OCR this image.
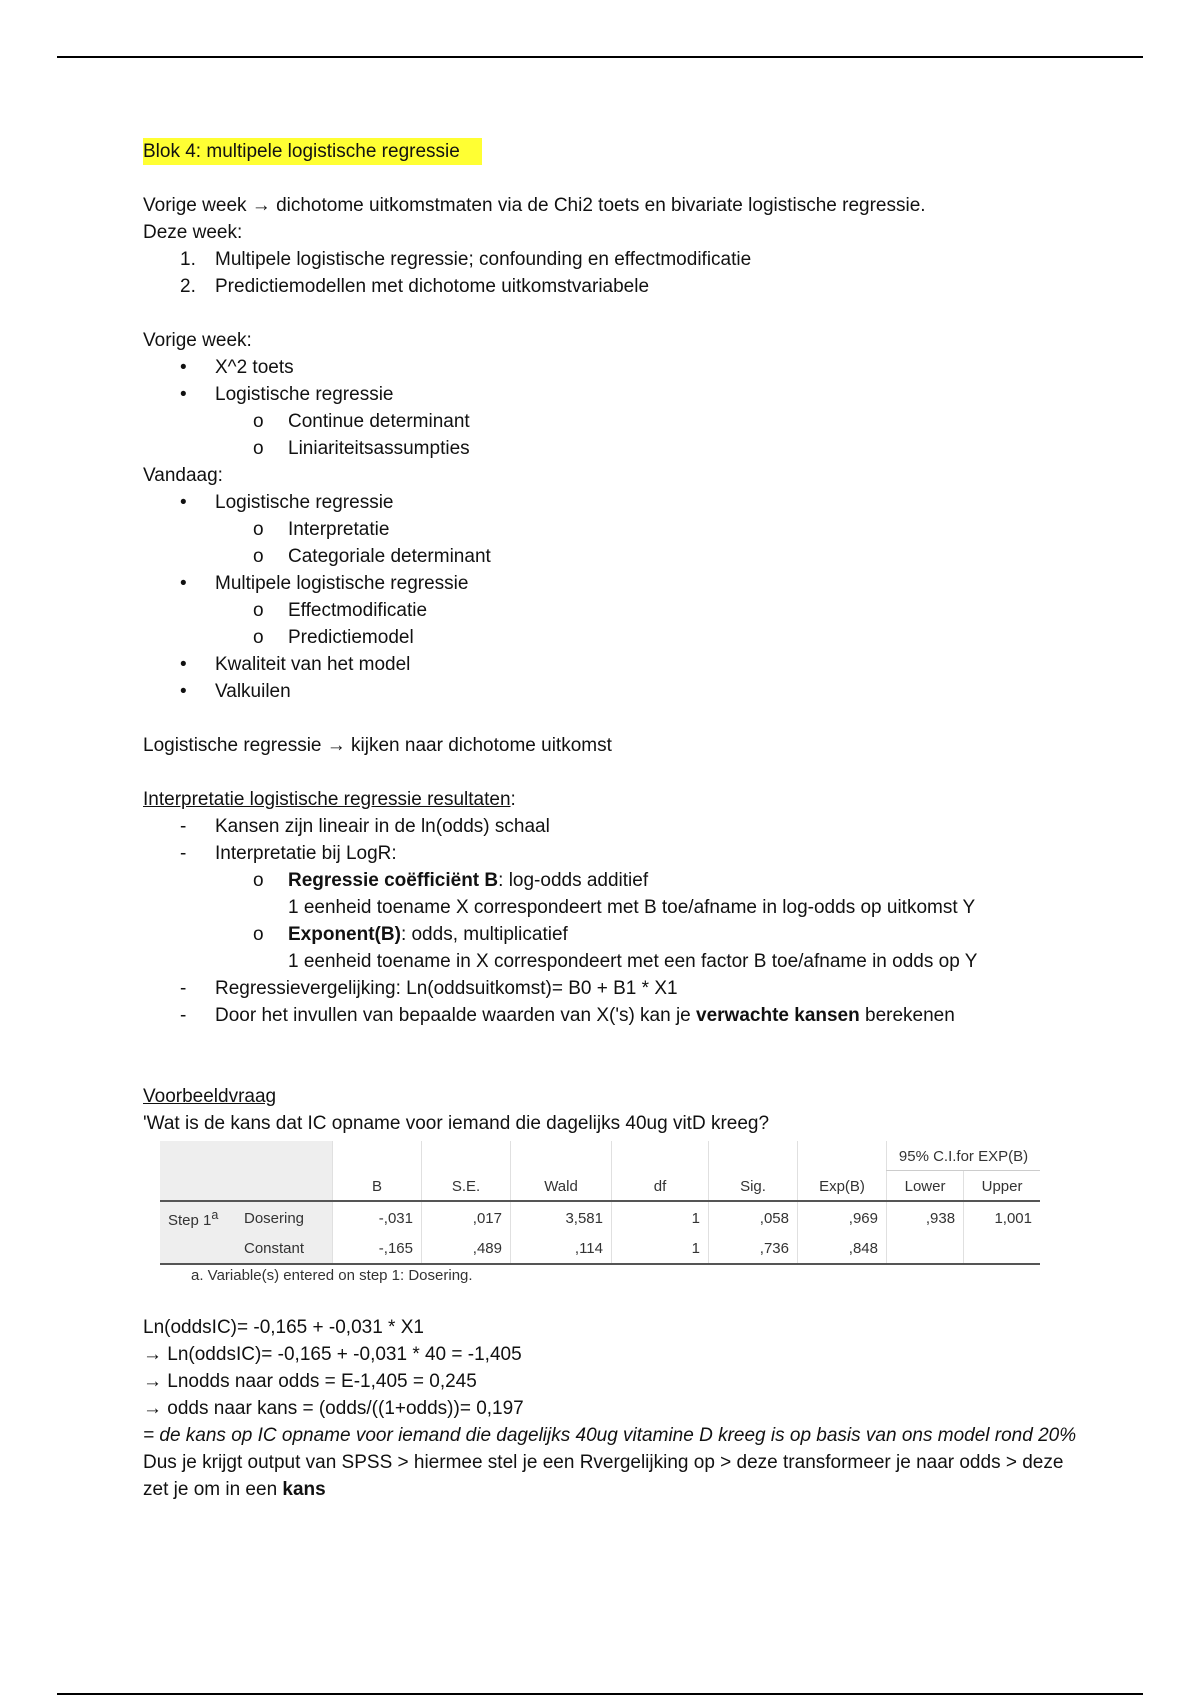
Blok 4: multipele logistische regressie

Vorige week → dichotome uitkomstmaten via de Chi2 toets en bivariate logistische regressie.

Deze week:

1. Multipele logistische regressie; confounding en effectmodificatie

2. Predictiemodellen met dichotome uitkomstvariabele

Vorige week:

• X^2 toets

• Logistische regressie

o Continue determinant

o Liniariteitsassumpties

Vandaag:

• Logistische regressie

o Interpretatie

o Categoriale determinant

• Multipele logistische regressie

o Effectmodificatie

o Predictiemodel

• Kwaliteit van het model

• Valkuilen

Logistische regressie → kijken naar dichotome uitkomst

Interpretatie logistische regressie resultaten:

- Kansen zijn lineair in de ln(odds) schaal

- Interpretatie bij LogR:

o Regressie coëfficiënt B: log-odds additief

1 eenheid toename X correspondeert met B toe/afname in log-odds op uitkomst Y

o Exponent(B): odds, multiplicatief

1 eenheid toename in X correspondeert met een factor B toe/afname in odds op Y

- Regressievergelijking: Ln(oddsuitkomst)= B0 + B1 * X1

- Door het invullen van bepaalde waarden van X('s) kan je verwachte kansen berekenen

Voorbeeldvraag

'Wat is de kans dat IC opname voor iemand die dagelijks 40ug vitD kreeg?

								95% C.I.for EXP(B)	
		B	S.E.	Wald	df	Sig.	Exp(B)	Lower	Upper
Step 1$^a$	Dosering	-,031	,017	3,581	1	,058	,969	,938	1,001
	Constant	-,165	,489	,114	1	,736	,848		
a. Variable(s) entered on step 1: Dosering.

Ln(oddsIC)= -0,165 + -0,031 * X1

→ Ln(oddsIC)= -0,165 + -0,031 * 40 = -1,405

→ Lnodds naar odds = E-1,405 = 0,245

→ odds naar kans = (odds/((1+odds))= 0,197

= de kans op IC opname voor iemand die dagelijks 40ug vitamine D kreeg is op basis van ons model rond 20%

Dus je krijgt output van SPSS > hiermee stel je een Rvergelijking op > deze transformeer je naar odds > deze zet je om in een kans
